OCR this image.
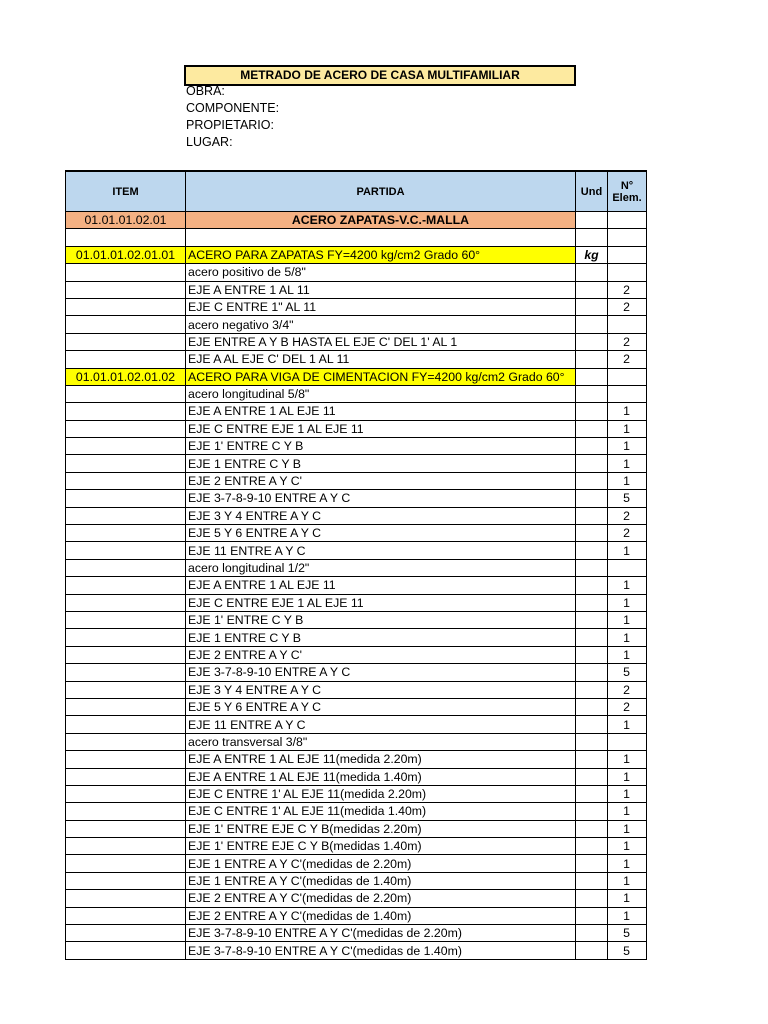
METRADO DE ACERO DE CASA MULTIFAMILIAR
OBRA:
COMPONENTE:
PROPIETARIO:
LUGAR:
ITEM	PARTIDA	Und	N° Elem.
01.01.01.02.01	ACERO ZAPATAS-V.C.-MALLA		

01.01.01.02.01.01	ACERO PARA ZAPATAS FY=4200 kg/cm2 Grado 60°	kg	
	acero positivo de 5/8"		
	EJE A ENTRE 1 AL 11		2
	EJE C ENTRE 1" AL 11		2
	acero negativo 3/4"		
	EJE ENTRE A Y B HASTA EL EJE C' DEL 1' AL 1		2
	EJE A AL EJE C' DEL 1 AL 11		2
01.01.01.02.01.02	ACERO PARA VIGA DE CIMENTACION FY=4200 kg/cm2 Grado 60°		
	acero longitudinal 5/8"		
	EJE A ENTRE 1 AL EJE 11		1
	EJE C ENTRE EJE 1 AL EJE 11		1
	EJE 1' ENTRE C Y B		1
	EJE 1 ENTRE C Y B		1
	EJE 2 ENTRE A Y C'		1
	EJE 3-7-8-9-10 ENTRE A Y C		5
	EJE 3 Y 4 ENTRE A Y C		2
	EJE 5 Y 6 ENTRE A Y C		2
	EJE 11 ENTRE A Y C		1
	acero longitudinal 1/2"		
	EJE A ENTRE 1 AL EJE 11		1
	EJE C ENTRE EJE 1 AL EJE 11		1
	EJE 1' ENTRE C Y B		1
	EJE 1 ENTRE C Y B		1
	EJE 2 ENTRE A Y C'		1
	EJE 3-7-8-9-10 ENTRE A Y C		5
	EJE 3 Y 4 ENTRE A Y C		2
	EJE 5 Y 6 ENTRE A Y C		2
	EJE 11 ENTRE A Y C		1
	acero transversal 3/8"		
	EJE A ENTRE 1 AL EJE 11(medida 2.20m)		1
	EJE A ENTRE 1 AL EJE 11(medida 1.40m)		1
	EJE C ENTRE 1' AL EJE 11(medida 2.20m)		1
	EJE C ENTRE 1' AL EJE 11(medida 1.40m)		1
	EJE 1' ENTRE EJE C Y B(medidas 2.20m)		1
	EJE 1' ENTRE EJE C Y B(medidas 1.40m)		1
	EJE 1 ENTRE A Y C'(medidas de 2.20m)		1
	EJE 1 ENTRE A Y C'(medidas de 1.40m)		1
	EJE 2 ENTRE A Y C'(medidas de 2.20m)		1
	EJE 2 ENTRE A Y C'(medidas de 1.40m)		1
	EJE 3-7-8-9-10 ENTRE A Y C'(medidas de 2.20m)		5
	EJE 3-7-8-9-10 ENTRE A Y C'(medidas de 1.40m)		5
